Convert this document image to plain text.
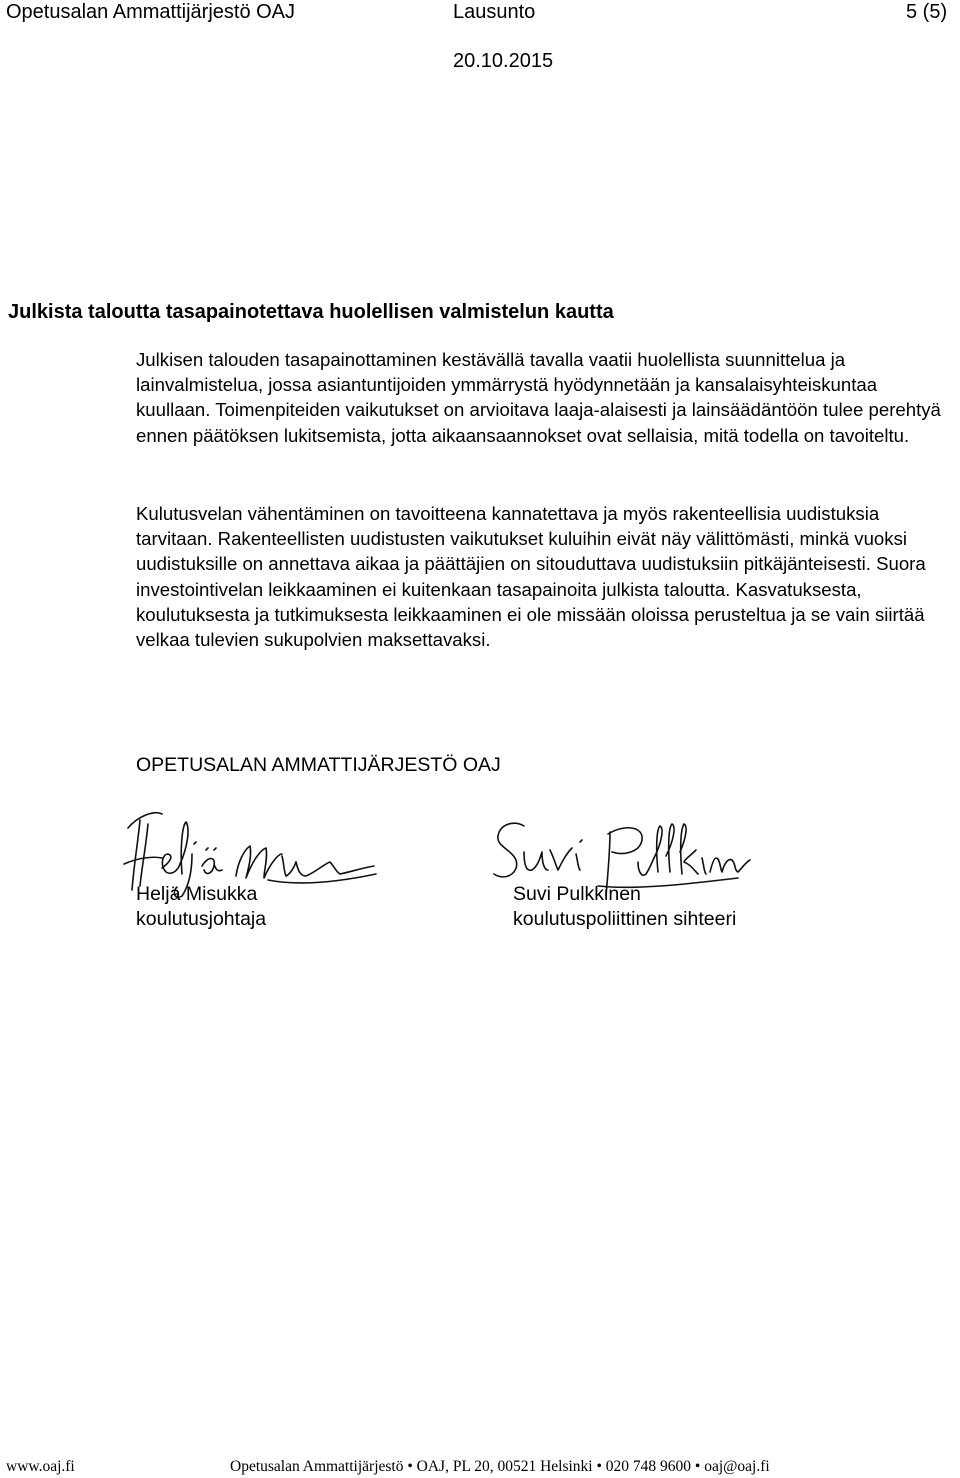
Opetusalan Ammattijärjestö OAJ	Lausunto	5 (5)
20.10.2015
Julkista taloutta tasapainotettava huolellisen valmistelun kautta

Julkisen talouden tasapainottaminen kestävällä tavalla vaatii huolellista suunnittelua ja lainvalmistelua, jossa asiantuntijoiden ymmärrystä hyödynnetään ja kansalaisyhteiskuntaa kuullaan. Toimenpiteiden vaikutukset on arvioitava laaja-alaisesti ja lainsäädäntöön tulee perehtyä ennen päätöksen lukitsemista, jotta aikaansaannokset ovat sellaisia, mitä todella on tavoiteltu.

Kulutusvelan vähentäminen on tavoitteena kannatettava ja myös rakenteellisia uudistuksia tarvitaan. Rakenteellisten uudistusten vaikutukset kuluihin eivät näy välittömästi, minkä vuoksi uudistuksille on annettava aikaa ja päättäjien on sitouduttava uudistuksiin pitkäjänteisesti. Suora investointivelan leikkaaminen ei kuitenkaan tasapainoita julkista taloutta. Kasvatuksesta, koulutuksesta ja tutkimuksesta leikkaaminen ei ole missään oloissa perusteltua ja se vain siirtää velkaa tulevien sukupolvien maksettavaksi.

OPETUSALAN AMMATTIJÄRJESTÖ OAJ
Heljä Misukka
koulutusjohtaja
Suvi Pulkkinen
koulutuspoliittinen sihteeri
www.oaj.fi	Opetusalan Ammattijärjestö • OAJ, PL 20, 00521 Helsinki • 020 748 9600 • oaj@oaj.fi
